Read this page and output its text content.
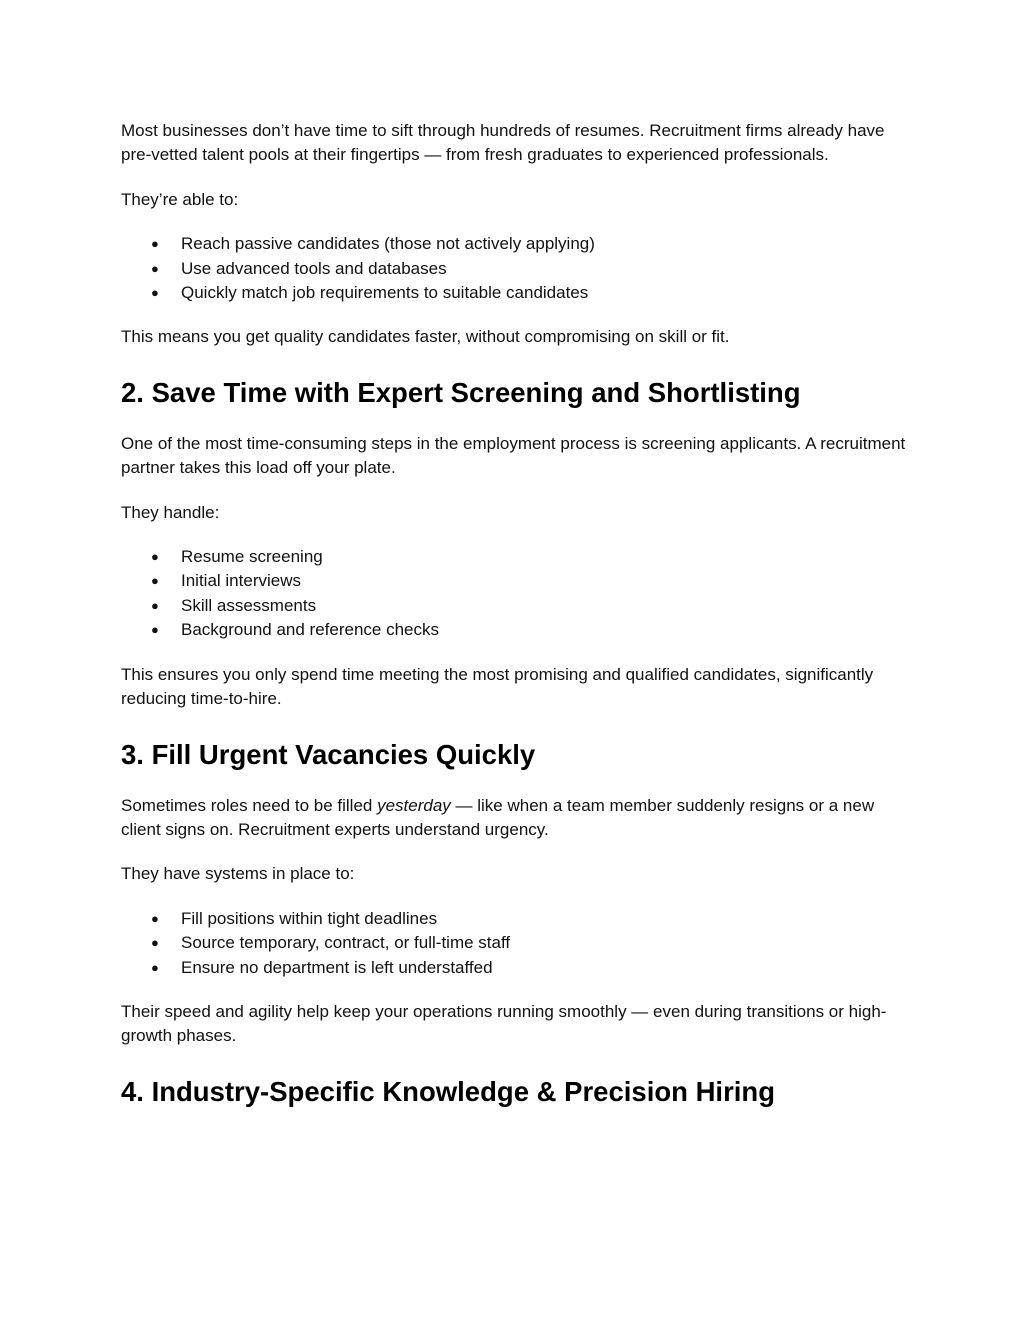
Most businesses don’t have time to sift through hundreds of resumes. Recruitment firms already have pre-vetted talent pools at their fingertips — from fresh graduates to experienced professionals.

They’re able to:

● Reach passive candidates (those not actively applying)
● Use advanced tools and databases
● Quickly match job requirements to suitable candidates

This means you get quality candidates faster, without compromising on skill or fit.

2. Save Time with Expert Screening and Shortlisting

One of the most time-consuming steps in the employment process is screening applicants. A recruitment partner takes this load off your plate.

They handle:

● Resume screening
● Initial interviews
● Skill assessments
● Background and reference checks

This ensures you only spend time meeting the most promising and qualified candidates, significantly reducing time-to-hire.

3. Fill Urgent Vacancies Quickly

Sometimes roles need to be filled yesterday — like when a team member suddenly resigns or a new client signs on. Recruitment experts understand urgency.

They have systems in place to:

● Fill positions within tight deadlines
● Source temporary, contract, or full-time staff
● Ensure no department is left understaffed

Their speed and agility help keep your operations running smoothly — even during transitions or high-growth phases.

4. Industry-Specific Knowledge & Precision Hiring
